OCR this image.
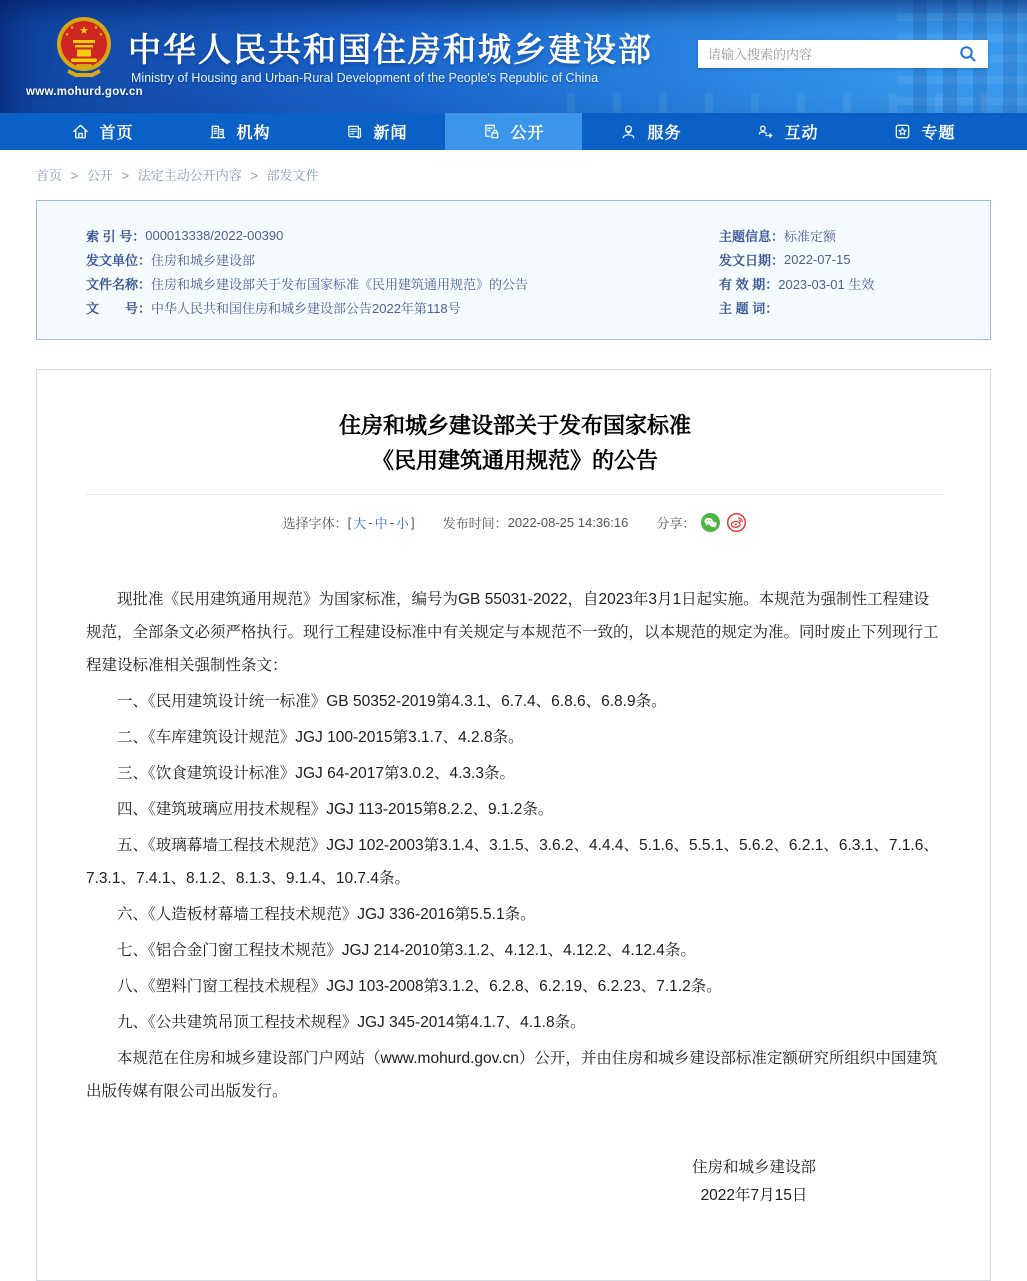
★
★	★
★	★
www.mohurd.gov.cn
中华人民共和国住房和城乡建设部
Ministry of Housing and Urban-Rural Development of the People's Republic of China
请输入搜索的内容
首页	机构	新闻	公开	服务	互动	专题
首页 > 公开 > 法定主动公开内容 > 部发文件
索 引 号： 000013338/2022-00390
发文单位： 住房和城乡建设部
文件名称： 住房和城乡建设部关于发布国家标准《民用建筑通用规范》的公告
文　　号： 中华人民共和国住房和城乡建设部公告2022年第118号
主题信息： 标准定额
发文日期： 2022-07-15
有 效 期： 2023-03-01 生效
主 题 词：
住房和城乡建设部关于发布国家标准
《民用建筑通用规范》的公告
选择字体： [ 大 - 中 - 小 ] 发布时间： 2022-08-25 14:36:16 分享：

现批准《民用建筑通用规范》为国家标准，编号为GB 55031-2022，自2023年3月1日起实施。本规范为强制性工程建设规范，全部条文必须严格执行。现行工程建设标准中有关规定与本规范不一致的，以本规范的规定为准。同时废止下列现行工程建设标准相关强制性条文：

一、《民用建筑设计统一标准》GB 50352-2019第4.3.1、6.7.4、6.8.6、6.8.9条。

二、《车库建筑设计规范》JGJ 100-2015第3.1.7、4.2.8条。

三、《饮食建筑设计标准》JGJ 64-2017第3.0.2、4.3.3条。

四、《建筑玻璃应用技术规程》JGJ 113-2015第8.2.2、9.1.2条。

五、《玻璃幕墙工程技术规范》JGJ 102-2003第3.1.4、3.1.5、3.6.2、4.4.4、5.1.6、5.5.1、5.6.2、6.2.1、6.3.1、7.1.6、7.3.1、7.4.1、8.1.2、8.1.3、9.1.4、10.7.4条。

六、《人造板材幕墙工程技术规范》JGJ 336-2016第5.5.1条。

七、《铝合金门窗工程技术规范》JGJ 214-2010第3.1.2、4.12.1、4.12.2、4.12.4条。

八、《塑料门窗工程技术规程》JGJ 103-2008第3.1.2、6.2.8、6.2.19、6.2.23、7.1.2条。

九、《公共建筑吊顶工程技术规程》JGJ 345-2014第4.1.7、4.1.8条。

本规范在住房和城乡建设部门户网站（www.mohurd.gov.cn）公开，并由住房和城乡建设部标准定额研究所组织中国建筑出版传媒有限公司出版发行。

住房和城乡建设部
2022年7月15日
